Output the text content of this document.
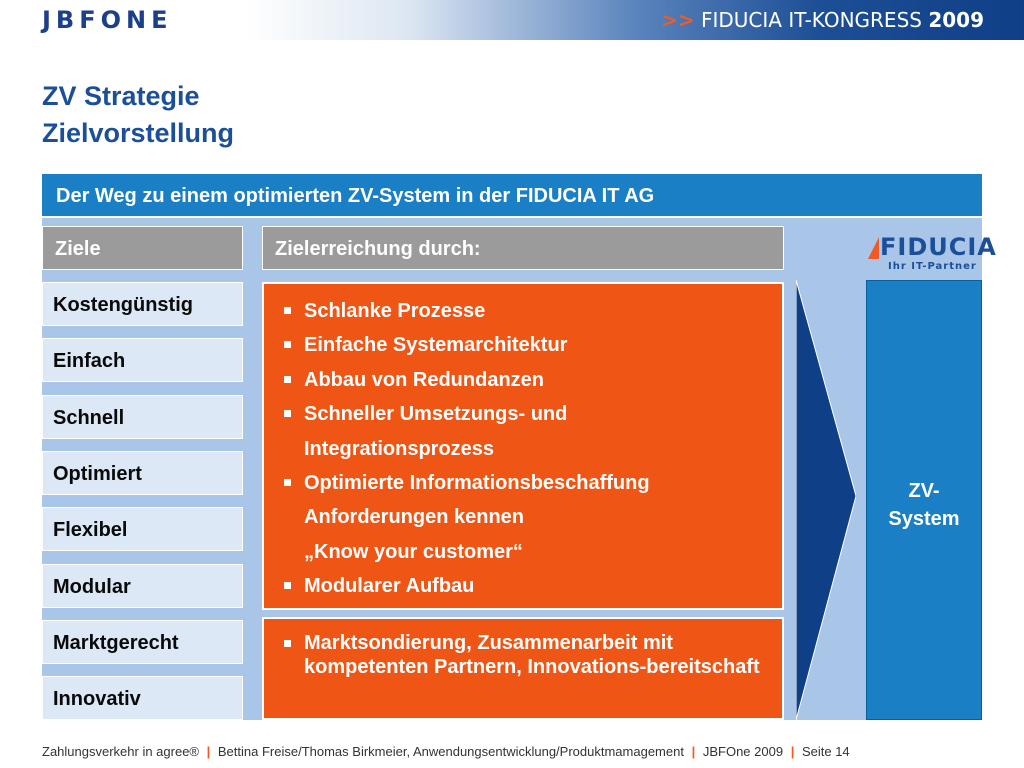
JBFONE	>> FIDUCIA IT-KONGRESS 2009
ZV Strategie
Zielvorstellung
Der Weg zu einem optimierten ZV-System in der FIDUCIA IT AG
Ziele	Zielerreichung durch:
Kostengünstig
Einfach
Schnell
Optimiert
Flexibel
Modular
Marktgerecht
Innovativ
Schlanke Prozesse
Einfache Systemarchitektur
Abbau von Redundanzen
Schneller Umsetzungs- und
Integrationsprozess
Optimierte Informationsbeschaffung
Anforderungen kennen
„Know your customer“
Modularer Aufbau
Marktsondierung, Zusammenarbeit mit kompetenten Partnern, Innovations-bereitschaft
FIDUCIA
Ihr IT-Partner
ZV-
System
Zahlungsverkehr in agree® | Bettina Freise/Thomas Birkmeier, Anwendungsentwicklung/Produktmamagement | JBFOne 2009 | Seite 14
